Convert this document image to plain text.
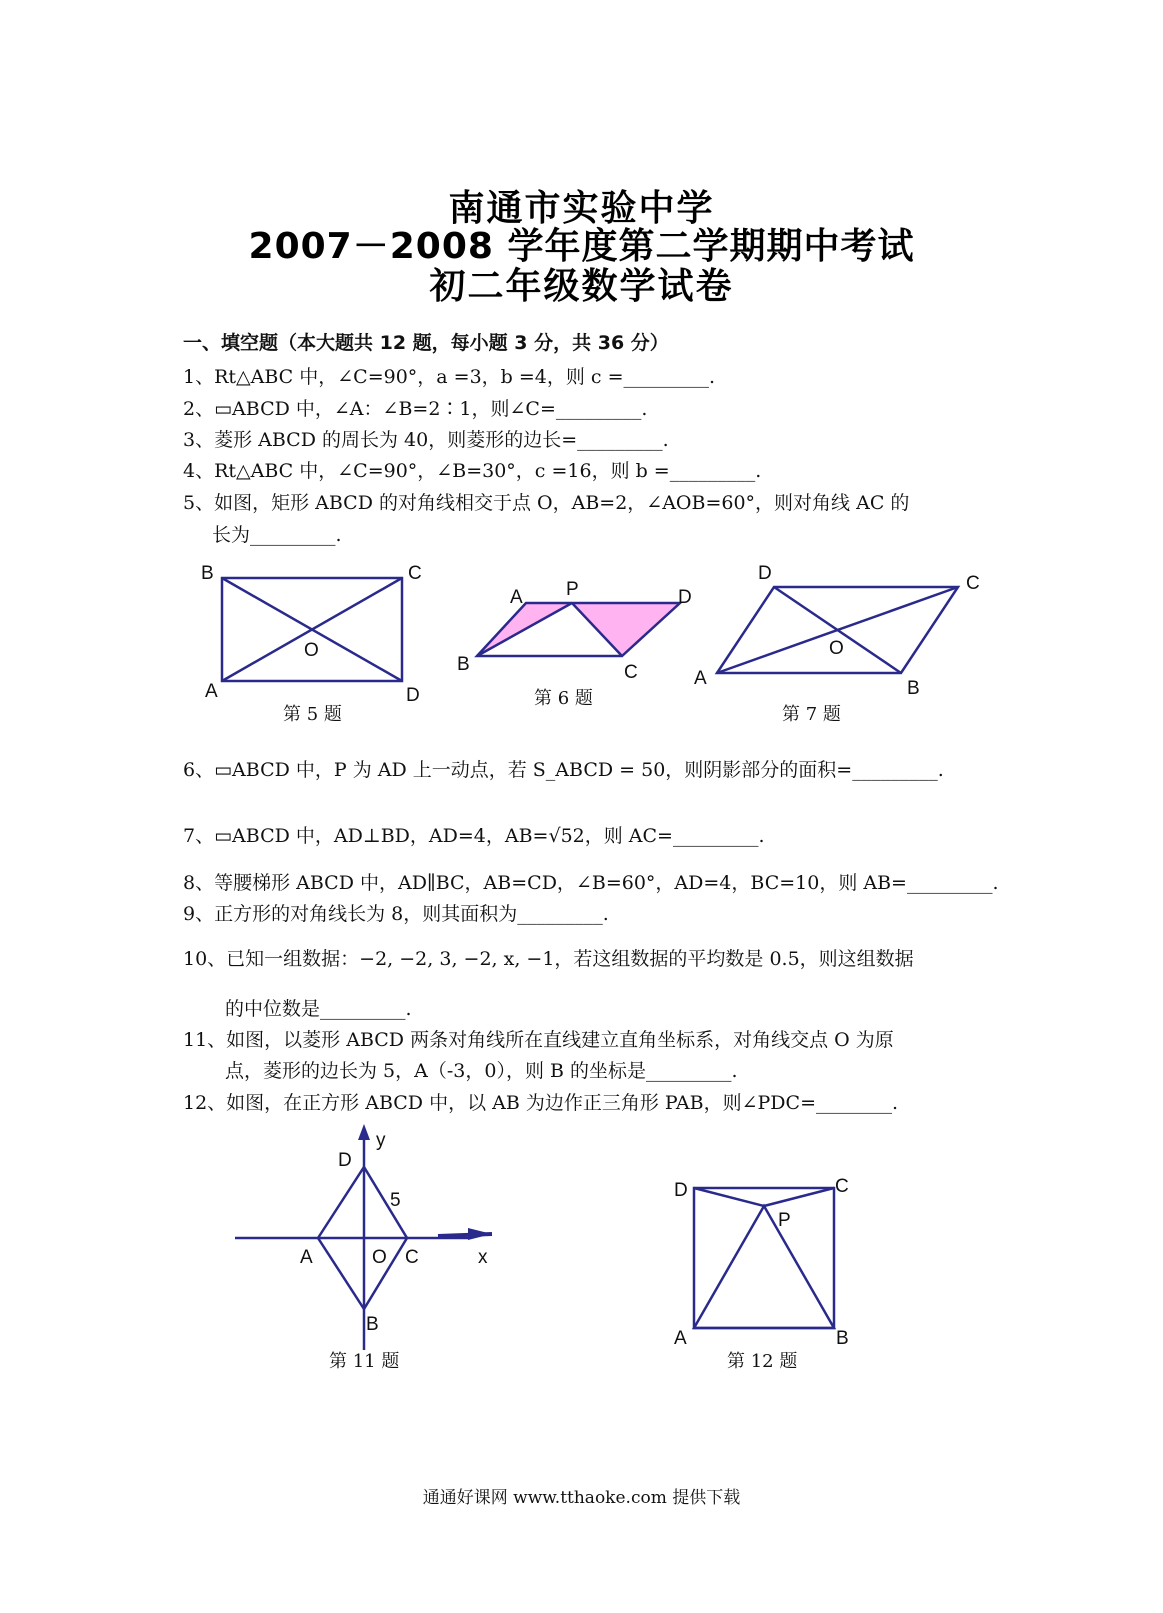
南通市实验中学
2007－2008 学年度第二学期期中考试
初二年级数学试卷
一、填空题（本大题共 12 题，每小题 3 分，共 36 分）
1、Rt△ABC 中，∠C=90°，a =3，b =4，则 c =_________.
2、▭ABCD 中，∠A：∠B=2∶1，则∠C=_________.
3、菱形 ABCD 的周长为 40，则菱形的边长=_________.
4、Rt△ABC 中，∠C=90°，∠B=30°，c =16，则 b =_________.
5、如图，矩形 ABCD 的对角线相交于点 O，AB=2，∠AOB=60°，则对角线 AC 的
长为_________.
B	C
A	D
O
第 5 题
A P	D
B	C
第 6 题
D	C
A	B
O
第 7 题
6、▭ABCD 中，P 为 AD 上一动点，若 S_ABCD = 50，则阴影部分的面积=_________.
7、▭ABCD 中，AD⊥BD，AD=4，AB=√52，则 AC=_________.
8、等腰梯形 ABCD 中，AD∥BC，AB=CD，∠B=60°，AD=4，BC=10，则 AB=_________.
9、正方形的对角线长为 8，则其面积为_________.
10、已知一组数据：−2, −2, 3, −2, x, −1，若这组数据的平均数是 0.5，则这组数据
的中位数是_________.
11、如图，以菱形 ABCD 两条对角线所在直线建立直角坐标系，对角线交点 O 为原
点，菱形的边长为 5，A（-3，0），则 B 的坐标是_________.
12、如图，在正方形 ABCD 中，以 AB 为边作正三角形 PAB，则∠PDC=________.
y
D
5
A	O C	x
B
第 11 题
D	C
P
A	B
第 12 题
通通好课网 www.tthaoke.com 提供下载
